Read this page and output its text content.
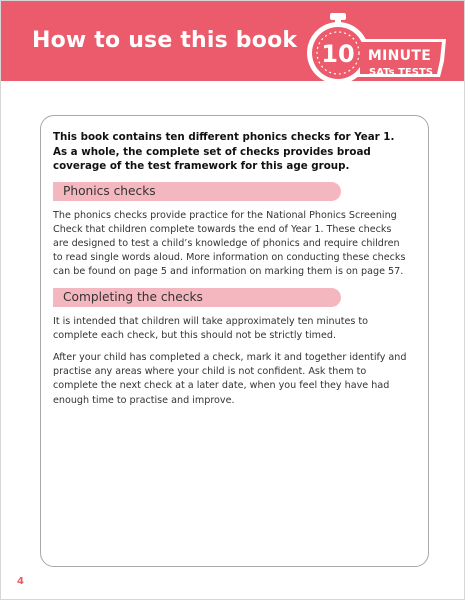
How to use this book	10 MINUTE
SATs TESTS

This book contains ten different phonics checks for Year 1. As a whole, the complete set of checks provides broad coverage of the test framework for this age group.

Phonics checks

The phonics checks provide practice for the National Phonics Screening Check that children complete towards the end of Year 1. These checks are designed to test a child’s knowledge of phonics and require children to read single words aloud. More information on conducting these checks can be found on page 5 and information on marking them is on page 57.

Completing the checks

It is intended that children will take approximately ten minutes to complete each check, but this should not be strictly timed.

After your child has completed a check, mark it and together identify and practise any areas where your child is not confident. Ask them to complete the next check at a later date, when you feel they have had enough time to practise and improve.

4
